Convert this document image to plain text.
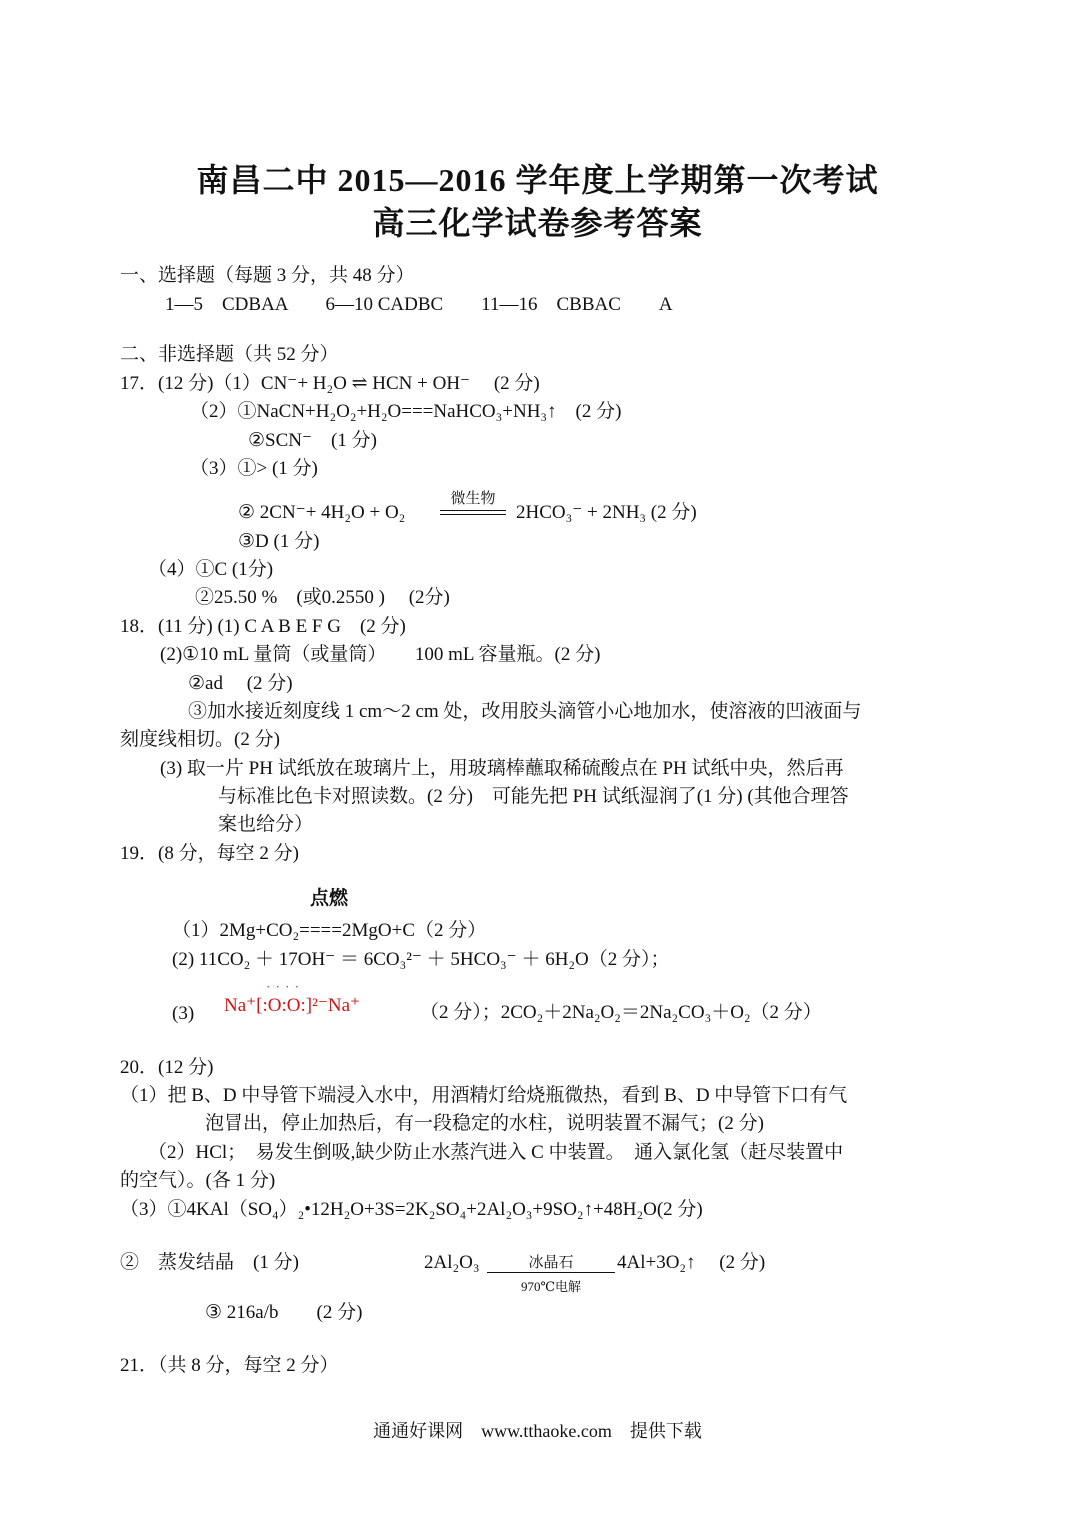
南昌二中 2015—2016 学年度上学期第一次考试
高三化学试卷参考答案
一、选择题（每题 3 分，共 48 分）
1—5　CDBAA　　6—10 CADBC　　11—16　CBBAC　　A
二、非选择题（共 52 分）
17．(12 分)（1）CN⁻+ H₂O ⇌ HCN + OH⁻　 (2 分)
（2）①NaCN+H₂O₂+H₂O===NaHCO₃+NH₃↑　(2 分)
②SCN⁻　(1 分)
（3）①> (1 分)
② 2CN⁻+ 4H₂O + O₂
微生物
2HCO₃⁻ + 2NH₃ (2 分)
③D (1 分)
（4）①C (1分)
②25.50 %　(或0.2550 )　 (2分)
18．(11 分) (1) C A B E F G　(2 分)
(2)①10 mL 量筒（或量筒）　　100 mL 容量瓶。(2 分)
②ad　 (2 分)
③加水接近刻度线 1 cm～2 cm 处，改用胶头滴管小心地加水，使溶液的凹液面与
刻度线相切。(2 分)
(3) 取一片 PH 试纸放在玻璃片上，用玻璃棒蘸取稀硫酸点在 PH 试纸中央，然后再
与标准比色卡对照读数。(2 分)　可能先把 PH 试纸湿润了(1 分) (其他合理答
案也给分）
19．(8 分，每空 2 分)
点燃
（1）2Mg+CO₂====2MgO+C（2 分）
(2) 11CO₂ ＋ 17OH⁻ ＝ 6CO₃²⁻ ＋ 5HCO₃⁻ ＋ 6H₂O（2 分）；
(3)
· · · ·
Na⁺[:O:O:]²⁻Na⁺	（2 分）；2CO₂＋2Na₂O₂＝2Na₂CO₃＋O₂（2 分）
20．(12 分)
（1）把 B、D 中导管下端浸入水中，用酒精灯给烧瓶微热，看到 B、D 中导管下口有气
泡冒出，停止加热后，有一段稳定的水柱，说明装置不漏气；(2 分)
（2）HCl；　易发生倒吸,缺少防止水蒸汽进入 C 中装置。　通入氯化氢（赶尽装置中
的空气）。(各 1 分)
（3）①4KAl（SO₄）₂•12H₂O+3S=2K₂SO₄+2Al₂O₃+9SO₂↑+48H₂O(2 分)
②　蒸发结晶　(1 分)	2Al₂O₃	冰晶石
970℃电解
4Al+3O₂↑　 (2 分)
③ 216a/b　　(2 分)
21．（共 8 分，每空 2 分）
通通好课网　www.tthaoke.com　提供下载
